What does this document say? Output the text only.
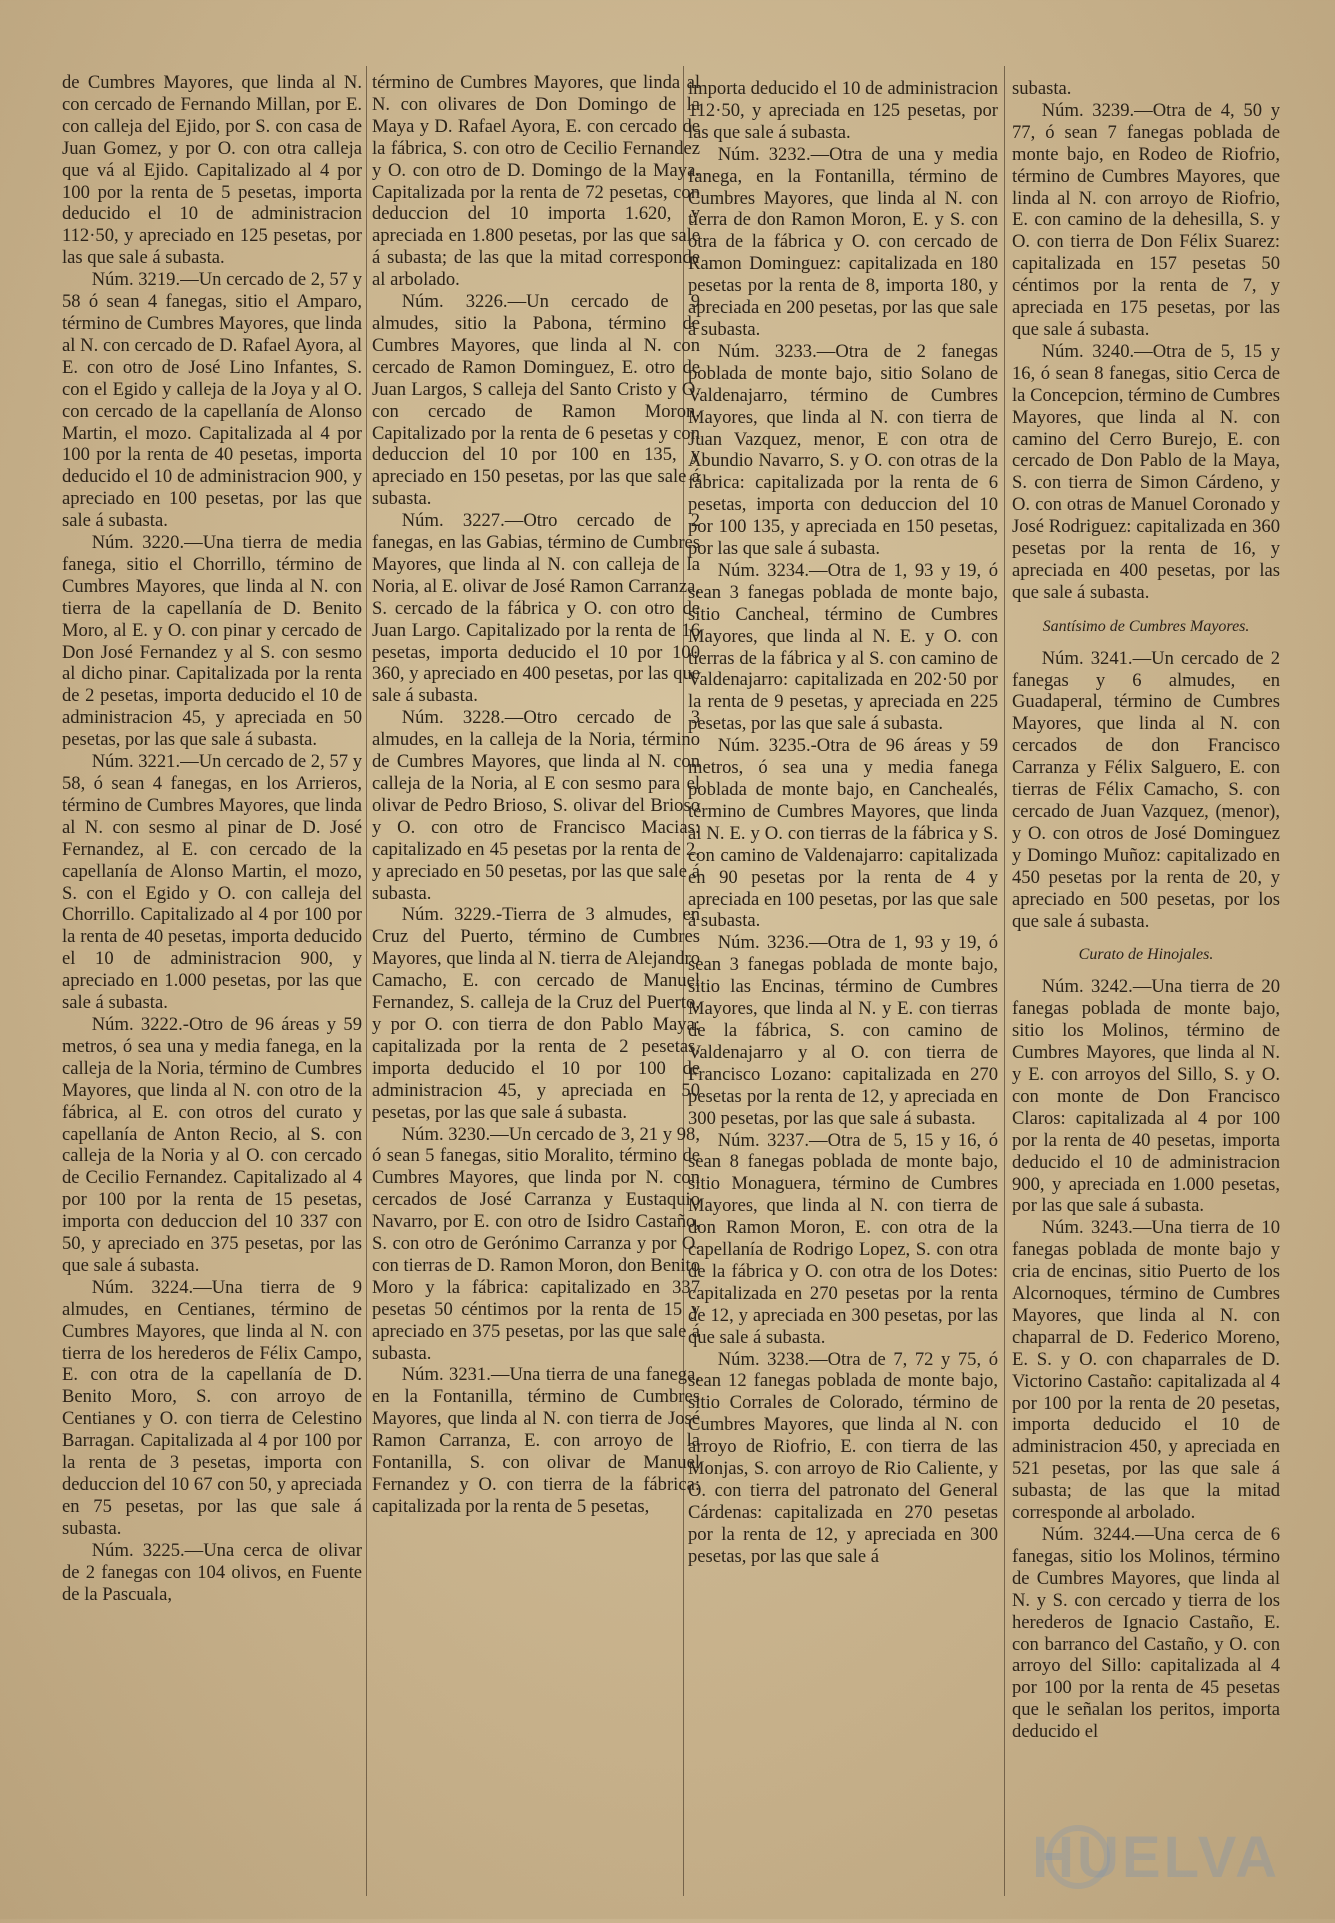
de Cumbres Mayores, que linda al N. con cercado de Fernando Millan, por E. con calleja del Ejido, por S. con casa de Juan Gomez, y por O. con otra calleja que vá al Ejido. Capitalizado al 4 por 100 por la renta de 5 pesetas, importa deducido el 10 de administracion 112·50, y apreciado en 125 pesetas, por las que sale á subasta.

Núm. 3219.—Un cercado de 2, 57 y 58 ó sean 4 fanegas, sitio el Amparo, término de Cumbres Mayores, que linda al N. con cercado de D. Rafael Ayora, al E. con otro de José Lino Infantes, S. con el Egido y calleja de la Joya y al O. con cercado de la capellanía de Alonso Martin, el mozo. Capitalizada al 4 por 100 por la renta de 40 pesetas, importa deducido el 10 de administracion 900, y apreciado en 100 pesetas, por las que sale á subasta.

Núm. 3220.—Una tierra de media fanega, sitio el Chorrillo, término de Cumbres Mayores, que linda al N. con tierra de la capellanía de D. Benito Moro, al E. y O. con pinar y cercado de Don José Fernandez y al S. con sesmo al dicho pinar. Capitalizada por la renta de 2 pesetas, importa deducido el 10 de administracion 45, y apreciada en 50 pesetas, por las que sale á subasta.

Núm. 3221.—Un cercado de 2, 57 y 58, ó sean 4 fanegas, en los Arrieros, término de Cumbres Mayores, que linda al N. con sesmo al pinar de D. José Fernandez, al E. con cercado de la capellanía de Alonso Martin, el mozo, S. con el Egido y O. con calleja del Chorrillo. Capitalizado al 4 por 100 por la renta de 40 pesetas, importa deducido el 10 de administracion 900, y apreciado en 1.000 pesetas, por las que sale á subasta.

Núm. 3222.-Otro de 96 áreas y 59 metros, ó sea una y media fanega, en la calleja de la Noria, término de Cumbres Mayores, que linda al N. con otro de la fábrica, al E. con otros del curato y capellanía de Anton Recio, al S. con calleja de la Noria y al O. con cercado de Cecilio Fernandez. Capitalizado al 4 por 100 por la renta de 15 pesetas, importa con deduccion del 10 337 con 50, y apreciado en 375 pesetas, por las que sale á subasta.

Núm. 3224.—Una tierra de 9 almudes, en Centianes, término de Cumbres Mayores, que linda al N. con tierra de los herederos de Félix Campo, E. con otra de la capellanía de D. Benito Moro, S. con arroyo de Centianes y O. con tierra de Celestino Barragan. Capitalizada al 4 por 100 por la renta de 3 pesetas, importa con deduccion del 10 67 con 50, y apreciada en 75 pesetas, por las que sale á subasta.

Núm. 3225.—Una cerca de olivar de 2 fanegas con 104 olivos, en Fuente de la Pascuala,

término de Cumbres Mayores, que linda al N. con olivares de Don Domingo de la Maya y D. Rafael Ayora, E. con cercado de la fábrica, S. con otro de Cecilio Fernandez y O. con otro de D. Domingo de la Maya. Capitalizada por la renta de 72 pesetas, con deduccion del 10 importa 1.620, y apreciada en 1.800 pesetas, por las que sale á subasta; de las que la mitad corresponde al arbolado.

Núm. 3226.—Un cercado de 9 almudes, sitio la Pabona, término de Cumbres Mayores, que linda al N. con cercado de Ramon Dominguez, E. otro de Juan Largos, S calleja del Santo Cristo y O. con cercado de Ramon Moron. Capitalizado por la renta de 6 pesetas y con deduccion del 10 por 100 en 135, y apreciado en 150 pesetas, por las que sale á subasta.

Núm. 3227.—Otro cercado de 2 fanegas, en las Gabias, término de Cumbres Mayores, que linda al N. con calleja de la Noria, al E. olivar de José Ramon Carranza, S. cercado de la fábrica y O. con otro de Juan Largo. Capitalizado por la renta de 16 pesetas, importa deducido el 10 por 100 360, y apreciado en 400 pesetas, por las que sale á subasta.

Núm. 3228.—Otro cercado de 3 almudes, en la calleja de la Noria, término de Cumbres Mayores, que linda al N. con calleja de la Noria, al E con sesmo para el olivar de Pedro Brioso, S. olivar del Brioso y O. con otro de Francisco Macias: capitalizado en 45 pesetas por la renta de 2, y apreciado en 50 pesetas, por las que sale á subasta.

Núm. 3229.-Tierra de 3 almudes, en Cruz del Puerto, término de Cumbres Mayores, que linda al N. tierra de Alejandro Camacho, E. con cercado de Manuel Fernandez, S. calleja de la Cruz del Puerto, y por O. con tierra de don Pablo Maya: capitalizada por la renta de 2 pesetas, importa deducido el 10 por 100 de administracion 45, y apreciada en 50 pesetas, por las que sale á subasta.

Núm. 3230.—Un cercado de 3, 21 y 98, ó sean 5 fanegas, sitio Moralito, término de Cumbres Mayores, que linda por N. con cercados de José Carranza y Eustaquio Navarro, por E. con otro de Isidro Castaño, S. con otro de Gerónimo Carranza y por O. con tierras de D. Ramon Moron, don Benito Moro y la fábrica: capitalizado en 337 pesetas 50 céntimos por la renta de 15 y apreciado en 375 pesetas, por las que sale á subasta.

Núm. 3231.—Una tierra de una fanega, en la Fontanilla, término de Cumbres Mayores, que linda al N. con tierra de José Ramon Carranza, E. con arroyo de la Fontanilla, S. con olivar de Manuel Fernandez y O. con tierra de la fábrica: capitalizada por la renta de 5 pesetas,

importa deducido el 10 de administracion 112·50, y apreciada en 125 pesetas, por las que sale á subasta.

Núm. 3232.—Otra de una y media fanega, en la Fontanilla, término de Cumbres Mayores, que linda al N. con tierra de don Ramon Moron, E. y S. con otra de la fábrica y O. con cercado de Ramon Dominguez: capitalizada en 180 pesetas por la renta de 8, importa 180, y apreciada en 200 pesetas, por las que sale á subasta.

Núm. 3233.—Otra de 2 fanegas poblada de monte bajo, sitio Solano de Valdenajarro, término de Cumbres Mayores, que linda al N. con tierra de Juan Vazquez, menor, E con otra de Abundio Navarro, S. y O. con otras de la fábrica: capitalizada por la renta de 6 pesetas, importa con deduccion del 10 por 100 135, y apreciada en 150 pesetas, por las que sale á subasta.

Núm. 3234.—Otra de 1, 93 y 19, ó sean 3 fanegas poblada de monte bajo, sitio Cancheal, término de Cumbres Mayores, que linda al N. E. y O. con tierras de la fábrica y al S. con camino de Valdenajarro: capitalizada en 202·50 por la renta de 9 pesetas, y apreciada en 225 pesetas, por las que sale á subasta.

Núm. 3235.-Otra de 96 áreas y 59 metros, ó sea una y media fanega poblada de monte bajo, en Canchealés, término de Cumbres Mayores, que linda al N. E. y O. con tierras de la fábrica y S. con camino de Valdenajarro: capitalizada en 90 pesetas por la renta de 4 y apreciada en 100 pesetas, por las que sale á subasta.

Núm. 3236.—Otra de 1, 93 y 19, ó sean 3 fanegas poblada de monte bajo, sitio las Encinas, término de Cumbres Mayores, que linda al N. y E. con tierras de la fábrica, S. con camino de Valdenajarro y al O. con tierra de Francisco Lozano: capitalizada en 270 pesetas por la renta de 12, y apreciada en 300 pesetas, por las que sale á subasta.

Núm. 3237.—Otra de 5, 15 y 16, ó sean 8 fanegas poblada de monte bajo, sitio Monaguera, término de Cumbres Mayores, que linda al N. con tierra de don Ramon Moron, E. con otra de la capellanía de Rodrigo Lopez, S. con otra de la fábrica y O. con otra de los Dotes: capitalizada en 270 pesetas por la renta de 12, y apreciada en 300 pesetas, por las que sale á subasta.

Núm. 3238.—Otra de 7, 72 y 75, ó sean 12 fanegas poblada de monte bajo, sitio Corrales de Colorado, término de Cumbres Mayores, que linda al N. con arroyo de Riofrio, E. con tierra de las Monjas, S. con arroyo de Rio Caliente, y O. con tierra del patronato del General Cárdenas: capitalizada en 270 pesetas por la renta de 12, y apreciada en 300 pesetas, por las que sale á

subasta.

Núm. 3239.—Otra de 4, 50 y 77, ó sean 7 fanegas poblada de monte bajo, en Rodeo de Riofrio, término de Cumbres Mayores, que linda al N. con arroyo de Riofrio, E. con camino de la dehesilla, S. y O. con tierra de Don Félix Suarez: capitalizada en 157 pesetas 50 céntimos por la renta de 7, y apreciada en 175 pesetas, por las que sale á subasta.

Núm. 3240.—Otra de 5, 15 y 16, ó sean 8 fanegas, sitio Cerca de la Concepcion, término de Cumbres Mayores, que linda al N. con camino del Cerro Burejo, E. con cercado de Don Pablo de la Maya, S. con tierra de Simon Cárdeno, y O. con otras de Manuel Coronado y José Rodriguez: capitalizada en 360 pesetas por la renta de 16, y apreciada en 400 pesetas, por las que sale á subasta.

Santísimo de Cumbres Mayores.

Núm. 3241.—Un cercado de 2 fanegas y 6 almudes, en Guadaperal, término de Cumbres Mayores, que linda al N. con cercados de don Francisco Carranza y Félix Salguero, E. con tierras de Félix Camacho, S. con cercado de Juan Vazquez, (menor), y O. con otros de José Dominguez y Domingo Muñoz: capitalizado en 450 pesetas por la renta de 20, y apreciado en 500 pesetas, por los que sale á subasta.

Curato de Hinojales.

Núm. 3242.—Una tierra de 20 fanegas poblada de monte bajo, sitio los Molinos, término de Cumbres Mayores, que linda al N. y E. con arroyos del Sillo, S. y O. con monte de Don Francisco Claros: capitalizada al 4 por 100 por la renta de 40 pesetas, importa deducido el 10 de administracion 900, y apreciada en 1.000 pesetas, por las que sale á subasta.

Núm. 3243.—Una tierra de 10 fanegas poblada de monte bajo y cria de encinas, sitio Puerto de los Alcornoques, término de Cumbres Mayores, que linda al N. con chaparral de D. Federico Moreno, E. S. y O. con chaparrales de D. Victorino Castaño: capitalizada al 4 por 100 por la renta de 20 pesetas, importa deducido el 10 de administracion 450, y apreciada en 521 pesetas, por las que sale á subasta; de las que la mitad corresponde al arbolado.

Núm. 3244.—Una cerca de 6 fanegas, sitio los Molinos, término de Cumbres Mayores, que linda al N. y S. con cercado y tierra de los herederos de Ignacio Castaño, E. con barranco del Castaño, y O. con arroyo del Sillo: capitalizada al 4 por 100 por la renta de 45 pesetas que le señalan los peritos, importa deducido el

HUELVA
